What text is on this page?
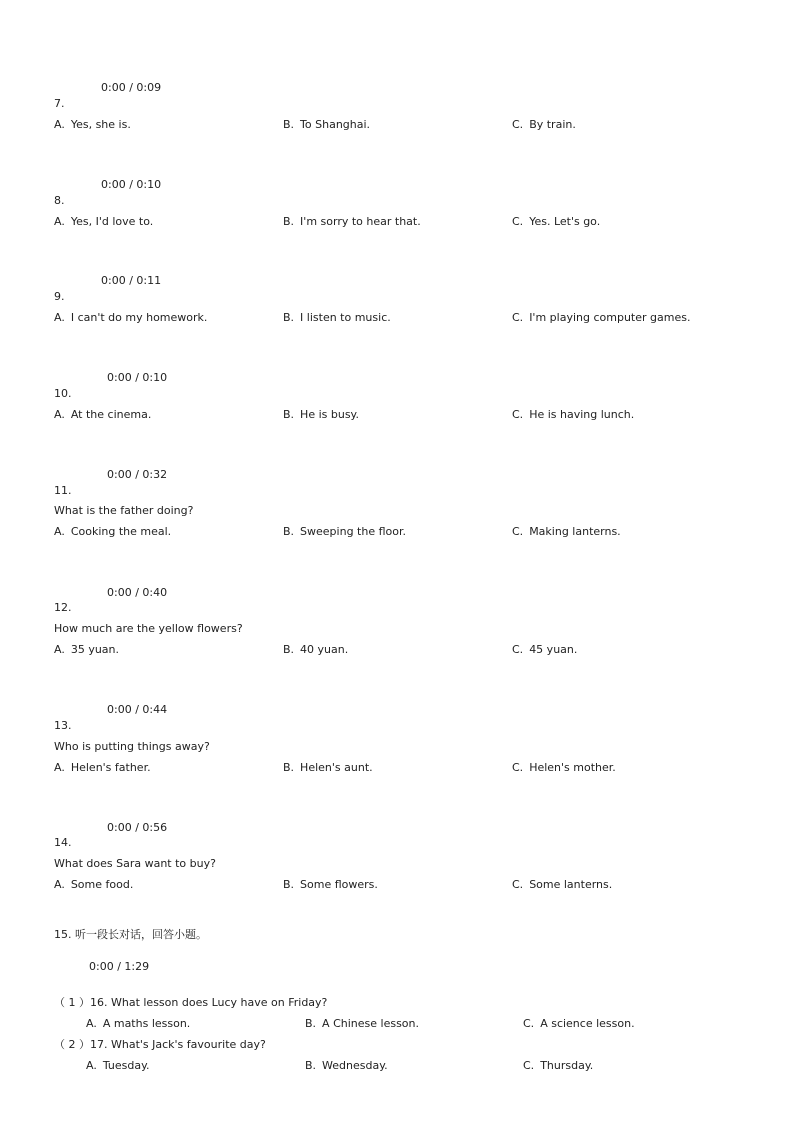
0:00 / 0:09
7.
A. Yes, she is.	B. To Shanghai.	C. By train.
0:00 / 0:10
8.
A. Yes, I'd love to.	B. I'm sorry to hear that.	C. Yes. Let's go.
0:00 / 0:11
9.
A. I can't do my homework.	B. I listen to music.	C. I'm playing computer games.
0:00 / 0:10
10.
A. At the cinema.	B. He is busy.	C. He is having lunch.
0:00 / 0:32
11.
What is the father doing?
A. Cooking the meal.	B. Sweeping the floor.	C. Making lanterns.
0:00 / 0:40
12.
How much are the yellow flowers?
A. 35 yuan.	B. 40 yuan.	C. 45 yuan.
0:00 / 0:44
13.
Who is putting things away?
A. Helen's father.	B. Helen's aunt.	C. Helen's mother.
0:00 / 0:56
14.
What does Sara want to buy?
A. Some food.	B. Some flowers.	C. Some lanterns.
15. 听一段长对话，回答小题。
0:00 / 1:29
（ 1 ）16. What lesson does Lucy have on Friday?
A. A maths lesson.	B. A Chinese lesson.	C. A science lesson.
（ 2 ）17. What's Jack's favourite day?
A. Tuesday.	B. Wednesday.	C. Thursday.
